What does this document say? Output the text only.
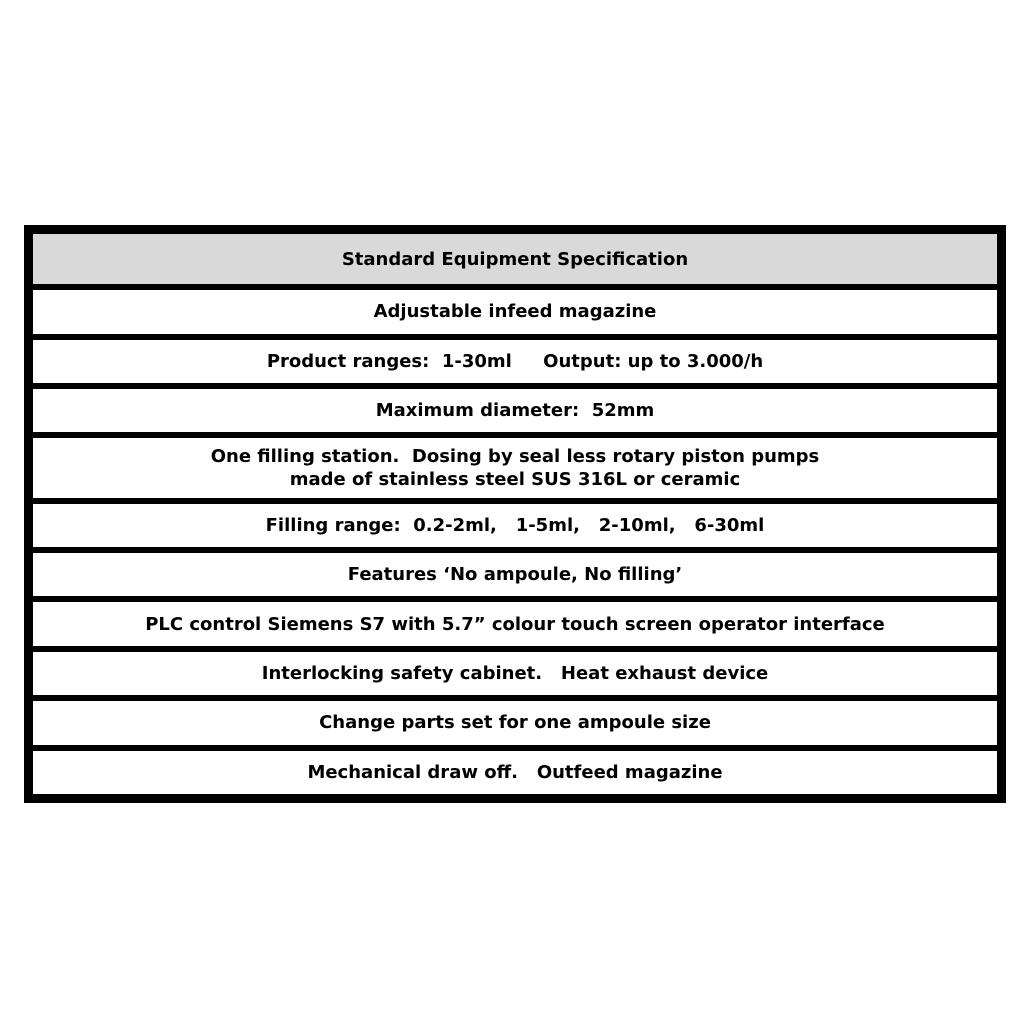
Standard Equipment Specification
Adjustable infeed magazine
Product ranges:  1-30ml     Output: up to 3.000/h
Maximum diameter:  52mm
One filling station.  Dosing by seal less rotary piston pumps
made of stainless steel SUS 316L or ceramic
Filling range:  0.2-2ml,   1-5ml,   2-10ml,   6-30ml
Features ‘No ampoule, No filling’
PLC control Siemens S7 with 5.7” colour touch screen operator interface
Interlocking safety cabinet.   Heat exhaust device
Change parts set for one ampoule size
Mechanical draw off.   Outfeed magazine
